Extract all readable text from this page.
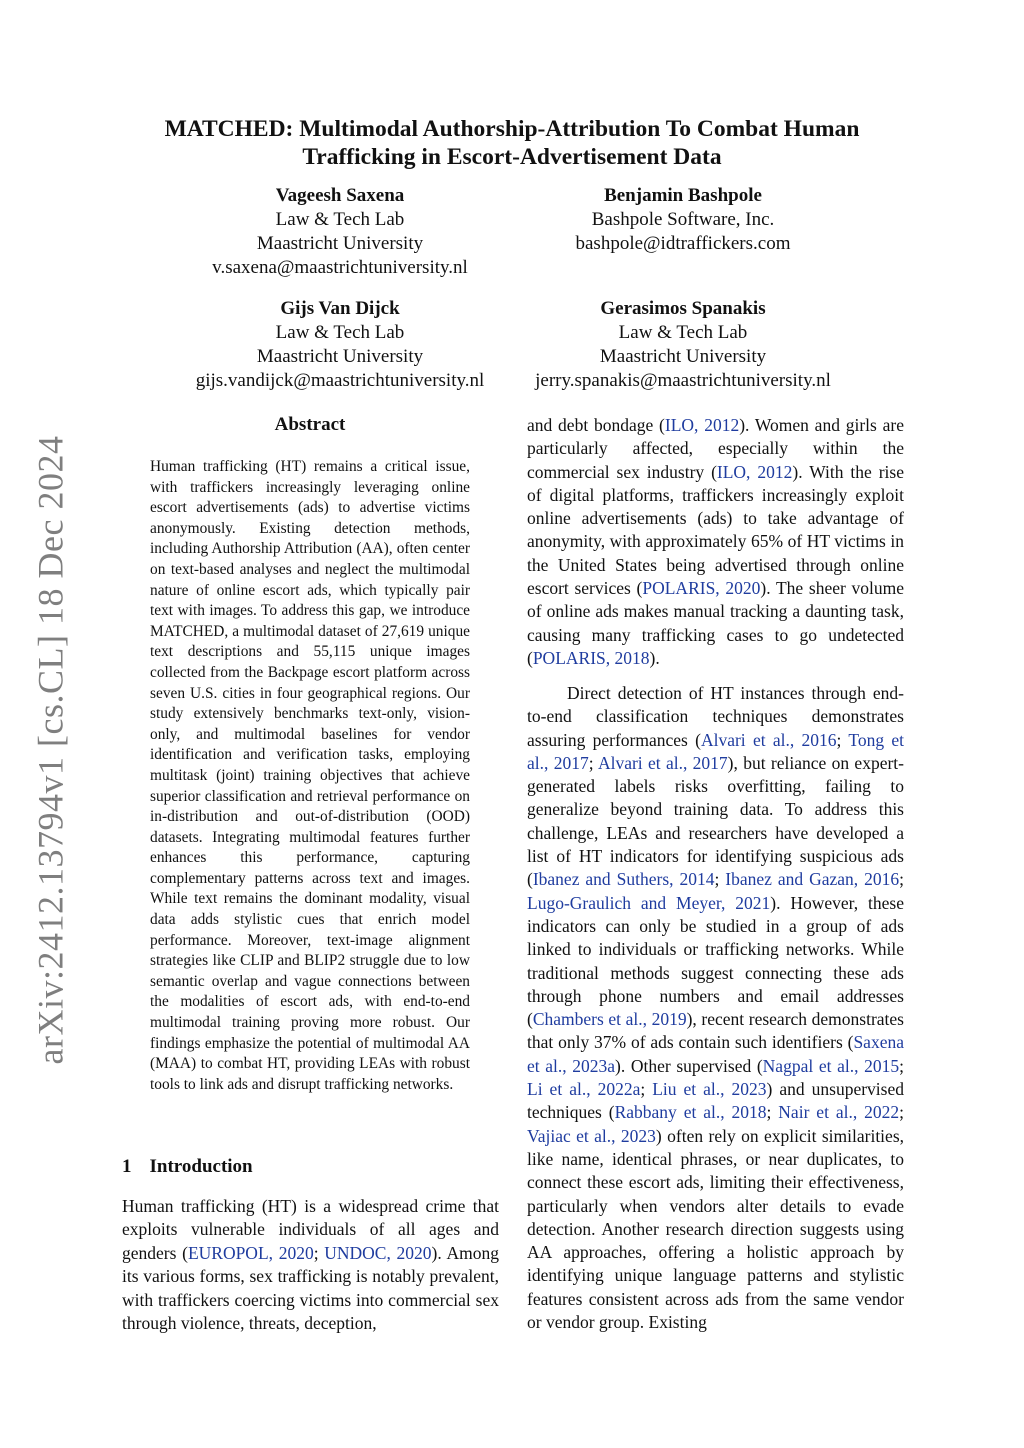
arXiv:2412.13794v1 [cs.CL] 18 Dec 2024
MATCHED: Multimodal Authorship-Attribution To Combat Human
Trafficking in Escort-Advertisement Data
Vageesh Saxena
Law & Tech Lab
Maastricht University
v.saxena@maastrichtuniversity.nl
Benjamin Bashpole
Bashpole Software, Inc.
bashpole@idtraffickers.com
Gijs Van Dijck
Law & Tech Lab
Maastricht University
gijs.vandijck@maastrichtuniversity.nl
Gerasimos Spanakis
Law & Tech Lab
Maastricht University
jerry.spanakis@maastrichtuniversity.nl
Abstract
Human trafficking (HT) remains a critical issue, with traffickers increasingly leveraging online escort advertisements (ads) to advertise victims anonymously. Existing detection methods, including Authorship Attribution (AA), often center on text-based analyses and neglect the multimodal nature of online escort ads, which typically pair text with images. To address this gap, we introduce MATCHED, a multimodal dataset of 27,619 unique text descriptions and 55,115 unique images collected from the Backpage escort platform across seven U.S. cities in four geographical regions. Our study extensively benchmarks text-only, vision-only, and multimodal baselines for vendor identification and verification tasks, employing multitask (joint) training objectives that achieve superior classification and retrieval performance on in-distribution and out-of-distribution (OOD) datasets. Integrating multimodal features further enhances this performance, capturing complementary patterns across text and images. While text remains the dominant modality, visual data adds stylistic cues that enrich model performance. Moreover, text-image alignment strategies like CLIP and BLIP2 struggle due to low semantic overlap and vague connections between the modalities of escort ads, with end-to-end multimodal training proving more robust. Our findings emphasize the potential of multimodal AA (MAA) to combat HT, providing LEAs with robust tools to link ads and disrupt trafficking networks.
1 Introduction
Human trafficking (HT) is a widespread crime that exploits vulnerable individuals of all ages and genders (EUROPOL, 2020; UNDOC, 2020). Among its various forms, sex trafficking is notably prevalent, with traffickers coercing victims into commercial sex through violence, threats, deception,
and debt bondage (ILO, 2012). Women and girls are particularly affected, especially within the commercial sex industry (ILO, 2012). With the rise of digital platforms, traffickers increasingly exploit online advertisements (ads) to take advantage of anonymity, with approximately 65% of HT victims in the United States being advertised through online escort services (POLARIS, 2020). The sheer volume of online ads makes manual tracking a daunting task, causing many trafficking cases to go undetected (POLARIS, 2018).
Direct detection of HT instances through end-to-end classification techniques demonstrates assuring performances (Alvari et al., 2016; Tong et al., 2017; Alvari et al., 2017), but reliance on expert-generated labels risks overfitting, failing to generalize beyond training data. To address this challenge, LEAs and researchers have developed a list of HT indicators for identifying suspicious ads (Ibanez and Suthers, 2014; Ibanez and Gazan, 2016; Lugo-Graulich and Meyer, 2021). However, these indicators can only be studied in a group of ads linked to individuals or trafficking networks. While traditional methods suggest connecting these ads through phone numbers and email addresses (Chambers et al., 2019), recent research demonstrates that only 37% of ads contain such identifiers (Saxena et al., 2023a). Other supervised (Nagpal et al., 2015; Li et al., 2022a; Liu et al., 2023) and unsupervised techniques (Rabbany et al., 2018; Nair et al., 2022; Vajiac et al., 2023) often rely on explicit similarities, like name, identical phrases, or near duplicates, to connect these escort ads, limiting their effectiveness, particularly when vendors alter details to evade detection. Another research direction suggests using AA approaches, offering a holistic approach by identifying unique language patterns and stylistic features consistent across ads from the same vendor or vendor group. Existing
